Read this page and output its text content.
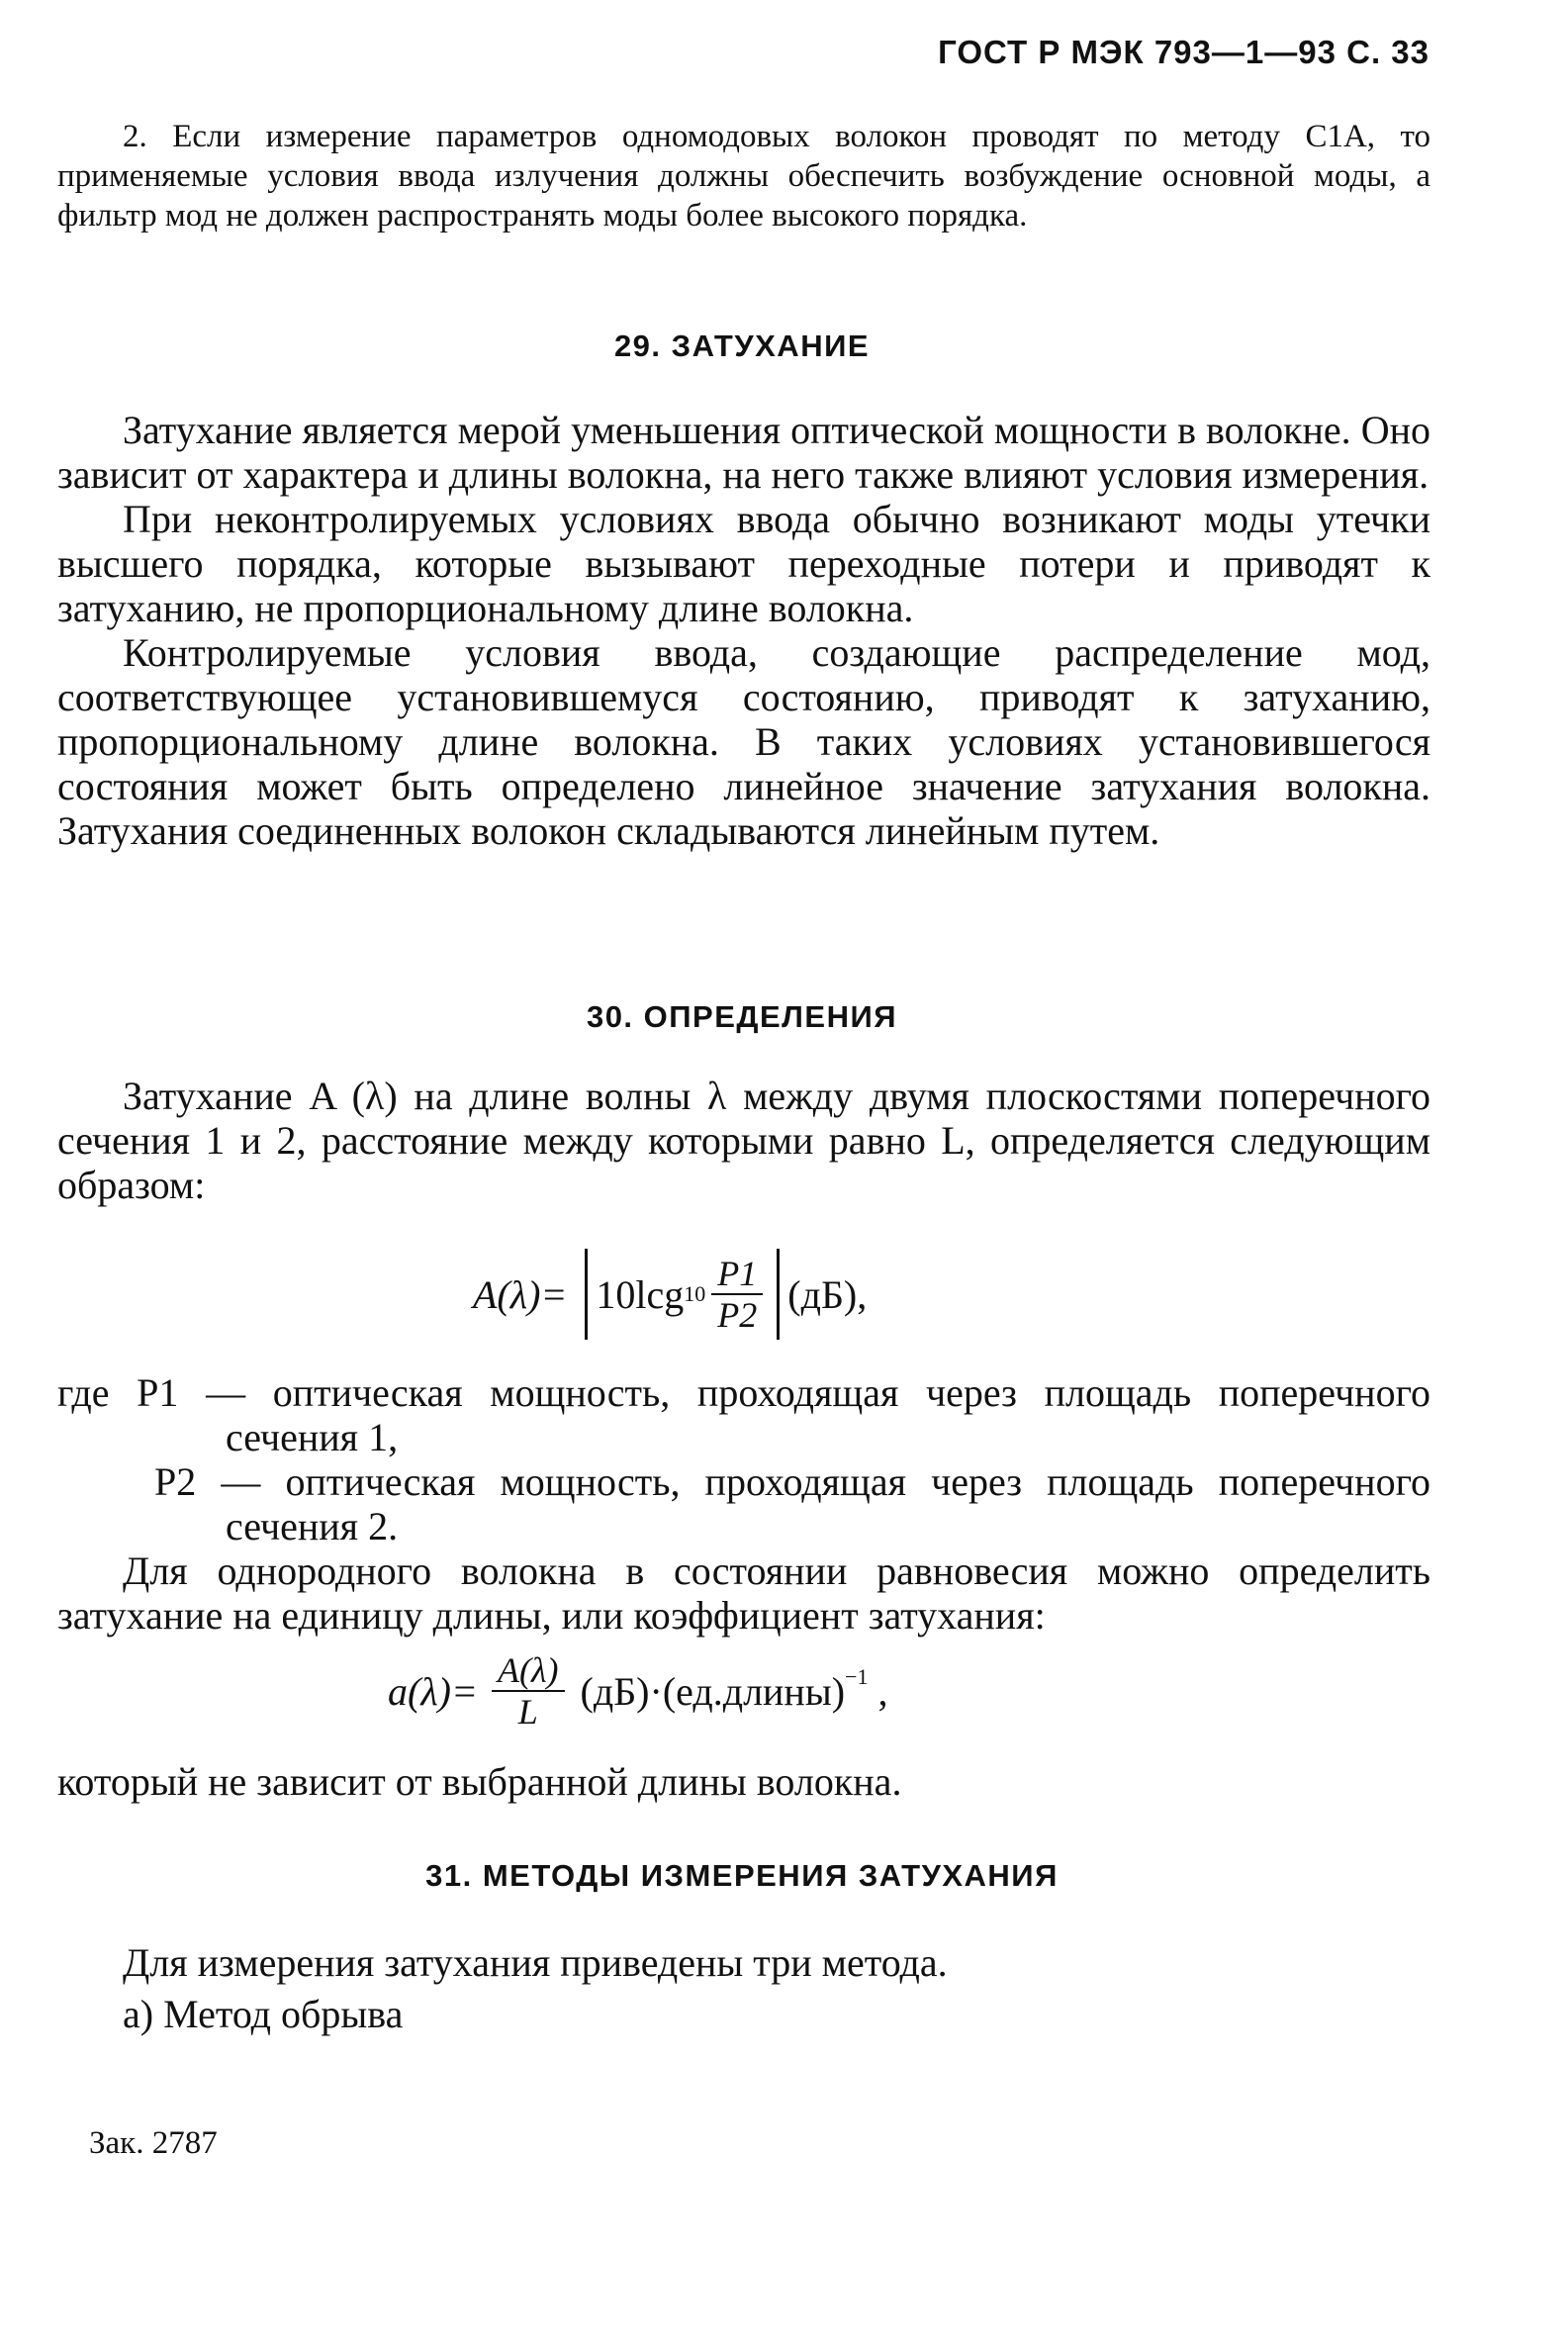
ГОСТ Р МЭК 793—1—93 С. 33
2. Если измерение параметров одномодовых волокон проводят по методу C1A, то применяемые условия ввода излучения должны обеспечить возбуждение основной моды, а фильтр мод не должен распространять моды более высокого порядка.
29. ЗАТУХАНИЕ

Затухание является мерой уменьшения оптической мощности в волокне. Оно зависит от характера и длины волокна, на него также влияют условия измерения.

При неконтролируемых условиях ввода обычно возникают моды утечки высшего порядка, которые вызывают переходные потери и приводят к затуханию, не пропорциональному длине волокна.

Контролируемые условия ввода, создающие распределение мод, соответствующее установившемуся состоянию, приводят к затуханию, пропорциональному длине волокна. В таких условиях установившегося состояния может быть определено линейное значение затухания волокна. Затухания соединенных волокон складываются линейным путем.

30. ОПРЕДЕЛЕНИЯ

Затухание A (λ) на длине волны λ между двумя плоскостями поперечного сечения 1 и 2, расстояние между которыми равно L, определяется следующим образом:

A(λ)= 10lcg $10 \frac{P1}{P2} (дБ)$,
где P1 — оптическая мощность, проходящая через площадь поперечного сечения 1,
P2 — оптическая мощность, проходящая через площадь поперечного сечения 2.

Для однородного волокна в состоянии равновесия можно определить затухание на единицу длины, или коэффициент затухания:

$a(\lambda)= \frac{A(\lambda)}{L}$ (дБ)·(ед.длины)$^{-1}$ ,

который не зависит от выбранной длины волокна.

31. МЕТОДЫ ИЗМЕРЕНИЯ ЗАТУХАНИЯ
Для измерения затухания приведены три метода.
а) Метод обрыва
Зак. 2787
